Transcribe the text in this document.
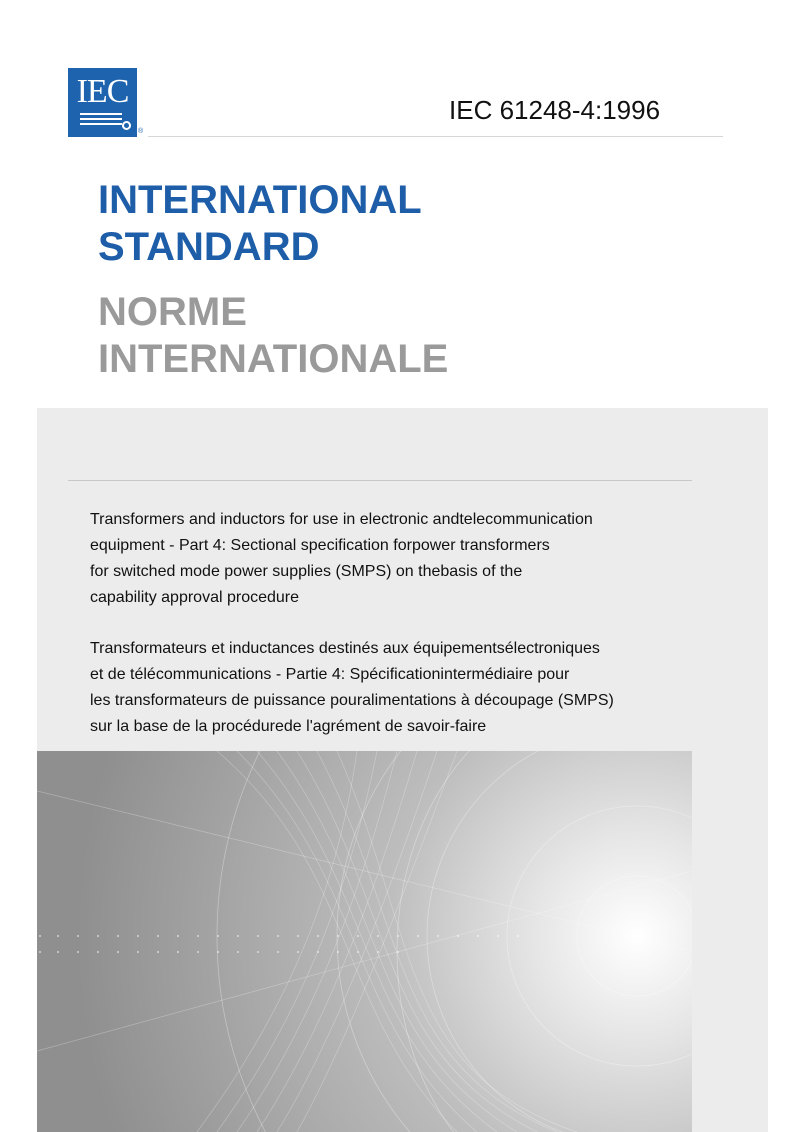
IEC
®
IEC 61248-4:1996
INTERNATIONAL
STANDARD
NORME
INTERNATIONALE

Transformers and inductors for use in electronic andtelecommunication
equipment - Part 4: Sectional specification forpower transformers
for switched mode power supplies (SMPS) on thebasis of the
capability approval procedure

Transformateurs et inductances destinés aux équipementsélectroniques
et de télécommunications - Partie 4: Spécificationintermédiaire pour
les transformateurs de puissance pouralimentations à découpage (SMPS)
sur la base de la procédurede l'agrément de savoir-faire
